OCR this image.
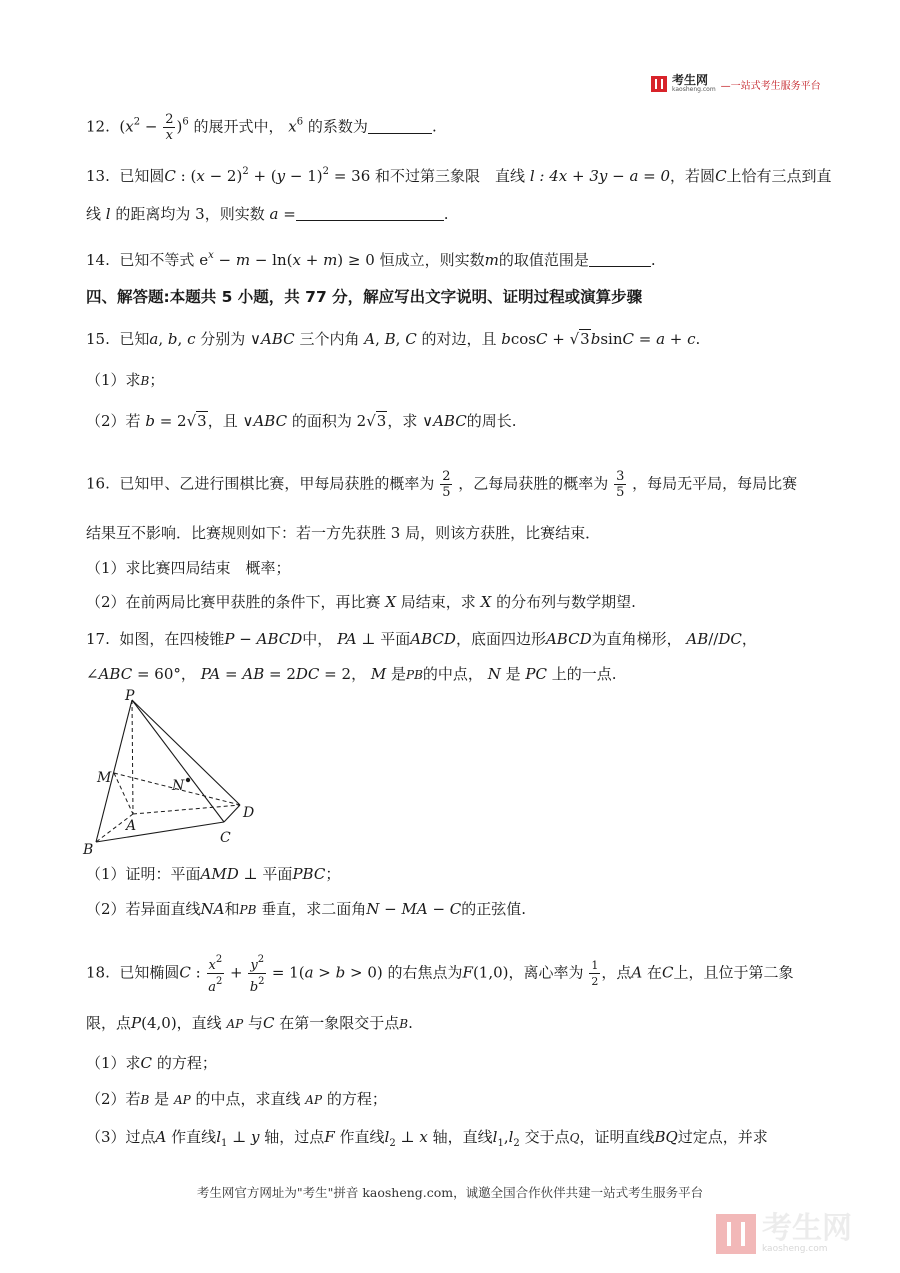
考生网
kaosheng.com —一站式考生服务平台
12.  $(x^2 - \frac{2}{x} )^6$ 的展开式中， $x^6$ 的系数为	.
13. 已知圆C : $(x - 2)^2 + (y - 1)^2 = 36$ 和不过第三象限　直线 l : 4x + 3y − a = 0，若圆C上恰有三点到直
线 l 的距离均为 3，则实数 a =	.
14. 已知不等式 $e^x - m - \ln(x + m) \ge 0$ 恒成立，则实数m的取值范围是	.
四、解答题:本题共 5 小题，共 77 分，解应写出文字说明、证明过程或演算步骤
15. 已知a, b, c 分别为 ∨ABC 三个内角 A, B, C 的对边，且 bcosC + √3bsinC = a + c.
（1）求B；
（2）若 b = 2√3，且 ∨ABC 的面积为 2√3，求 ∨ABC的周长.
16. 已知甲、乙进行围棋比赛，甲每局获胜的概率为 $\frac{2}{5}$ ，乙每局获胜的概率为 $\frac{3}{5}$ ，每局无平局，每局比赛
结果互不影响．比赛规则如下：若一方先获胜 3 局，则该方获胜，比赛结束．
（1）求比赛四局结束　概率；
（2）在前两局比赛甲获胜的条件下，再比赛 X 局结束，求 X 的分布列与数学期望.
17. 如图，在四棱锥P − ABCD中， PA ⊥ 平面ABCD，底面四边形ABCD为直角梯形， AB//DC，
∠ABC = 60°， PA = AB = 2DC = 2， M 是PB的中点， N 是 PC 上的一点.
P
M	N
D
A
C
B
（1）证明：平面AMD ⊥ 平面PBC；
（2）若异面直线NA和PB 垂直，求二面角N − MA − C的正弦值.
18. 已知椭圆C : $\frac{x^2}{a^2} + \frac{y^2}{b^2} = 1(a > b > 0)$ 的右焦点为F(1,0)，离心率为 $\frac{1}{2}$ ，点A 在C上，且位于第二象
限，点P(4,0)，直线 AP 与C 在第一象限交于点B.
（1）求C 的方程；
（2）若B 是 AP 的中点，求直线 AP 的方程；
（3）过点A 作直线$l_1$ ⊥ y 轴，过点F 作直线$l_2$ ⊥ x 轴，直线$l_1,l_2$ 交于点Q，证明直线BQ过定点，并求
考生网官方网址为"考生"拼音 kaosheng.com，诚邀全国合作伙伴共建一站式考生服务平台
考生网
kaosheng.com
